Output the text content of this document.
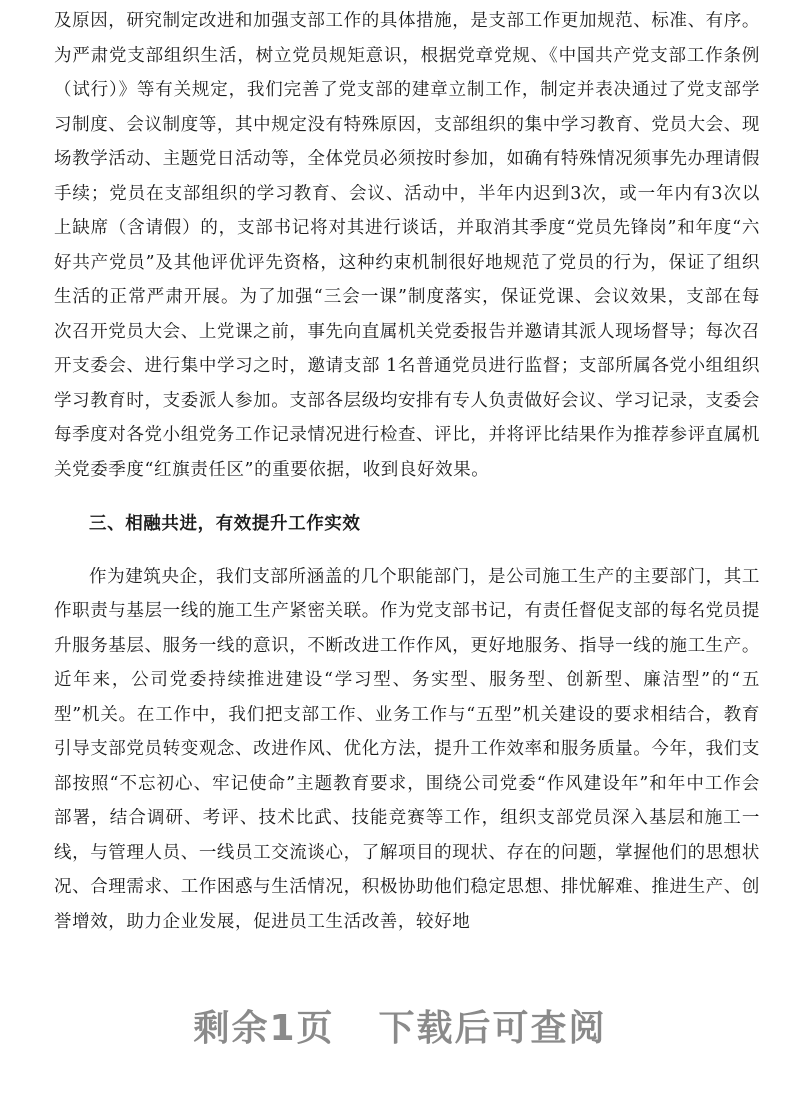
及原因，研究制定改进和加强支部工作的具体措施，是支部工作更加规范、标准、有序。为严肃党支部组织生活，树立党员规矩意识，根据党章党规、《中国共产党支部工作条例（试行）》等有关规定，我们完善了党支部的建章立制工作，制定并表决通过了党支部学习制度、会议制度等，其中规定没有特殊原因，支部组织的集中学习教育、党员大会、现场教学活动、主题党日活动等，全体党员必须按时参加，如确有特殊情况须事先办理请假手续；党员在支部组织的学习教育、会议、活动中，半年内迟到3次，或一年内有3次以上缺席（含请假）的，支部书记将对其进行谈话，并取消其季度“党员先锋岗”和年度“六好共产党员”及其他评优评先资格，这种约束机制很好地规范了党员的行为，保证了组织生活的正常严肃开展。为了加强“三会一课”制度落实，保证党课、会议效果，支部在每次召开党员大会、上党课之前，事先向直属机关党委报告并邀请其派人现场督导；每次召开支委会、进行集中学习之时，邀请支部 1名普通党员进行监督；支部所属各党小组组织学习教育时，支委派人参加。支部各层级均安排有专人负责做好会议、学习记录，支委会每季度对各党小组党务工作记录情况进行检查、评比，并将评比结果作为推荐参评直属机关党委季度“红旗责任区”的重要依据，收到良好效果。

三、相融共进，有效提升工作实效

作为建筑央企，我们支部所涵盖的几个职能部门，是公司施工生产的主要部门，其工作职责与基层一线的施工生产紧密关联。作为党支部书记，有责任督促支部的每名党员提升服务基层、服务一线的意识，不断改进工作作风，更好地服务、指导一线的施工生产。近年来，公司党委持续推进建设“学习型、务实型、服务型、创新型、廉洁型”的“五型”机关。在工作中，我们把支部工作、业务工作与“五型”机关建设的要求相结合，教育引导支部党员转变观念、改进作风、优化方法，提升工作效率和服务质量。今年，我们支部按照“不忘初心、牢记使命”主题教育要求，围绕公司党委“作风建设年”和年中工作会部署，结合调研、考评、技术比武、技能竞赛等工作，组织支部党员深入基层和施工一线，与管理人员、一线员工交流谈心，了解项目的现状、存在的问题，掌握他们的思想状况、合理需求、工作困惑与生活情况，积极协助他们稳定思想、排忧解难、推进生产、创誉增效，助力企业发展，促进员工生活改善，较好地

剩余1页 下载后可查阅
